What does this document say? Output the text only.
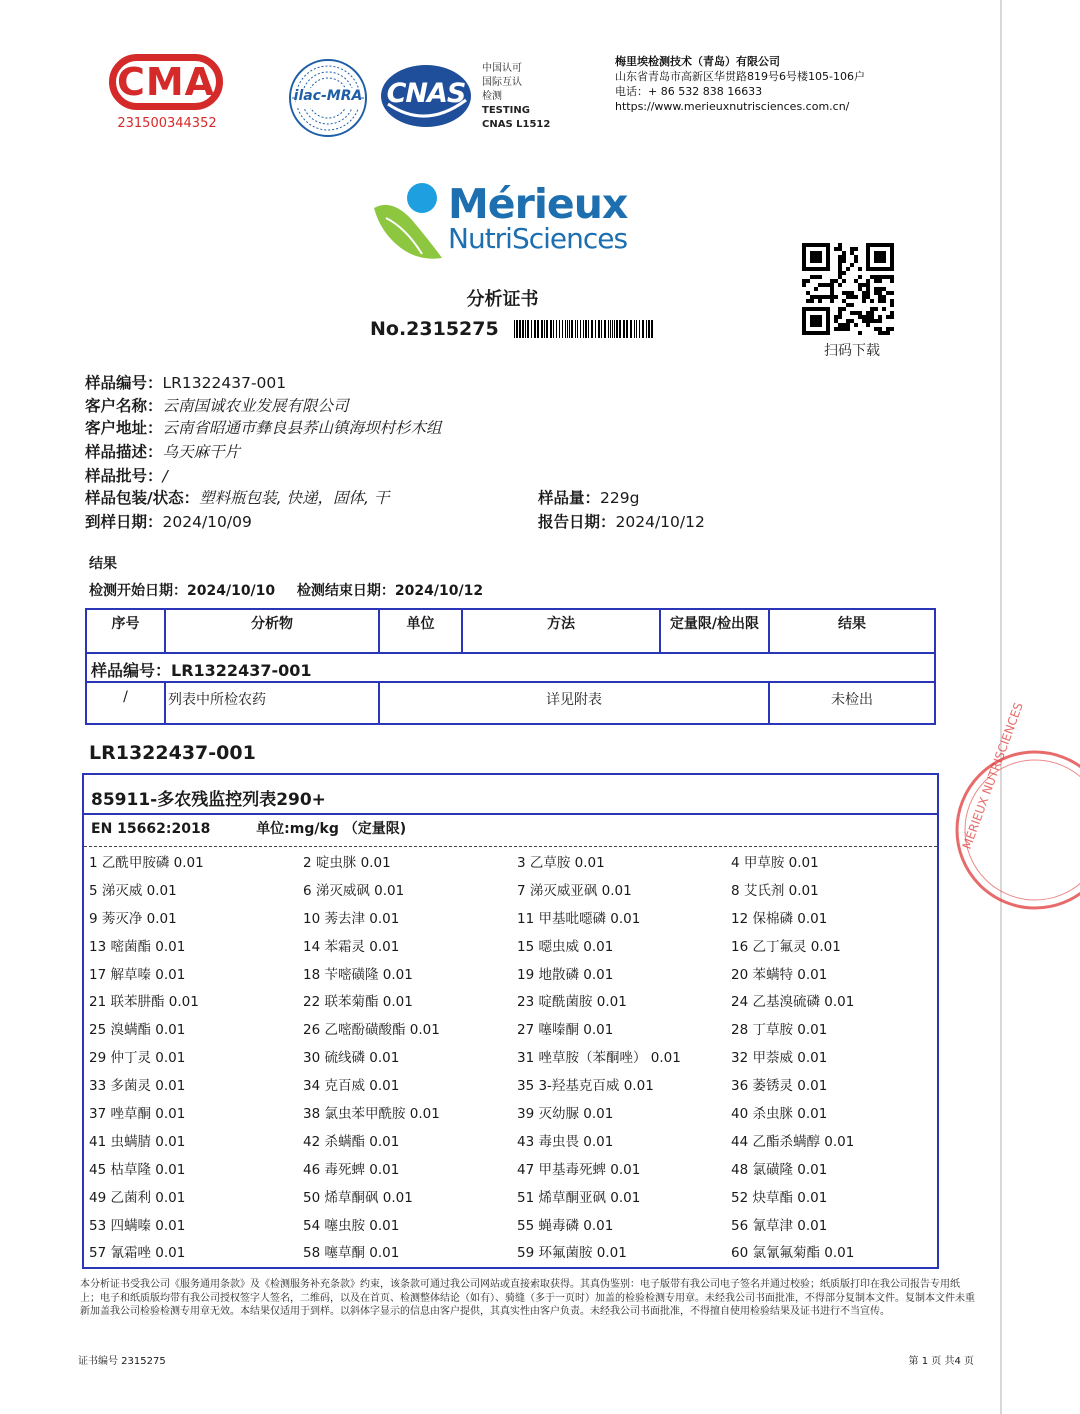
CMA
231500344352
ilac-MRA CNAS
中国认可
国际互认
检测
TESTING
CNAS L1512
梅里埃检测技术（青岛）有限公司
山东省青岛市高新区华贯路819号6号楼105-106户
电话：+ 86 532 838 16633
https://www.merieuxnutrisciences.com.cn/
Mérieux
NutriSciences
扫码下载
分析证书
No.2315275
样品编号：LR1322437-001
客户名称：云南国诚农业发展有限公司
客户地址：云南省昭通市彝良县荞山镇海坝村杉木组
样品描述：乌天麻干片
样品批号：/
样品包装/状态：塑料瓶包装, 快递，固体, 干	样品量：229g
到样日期：2024/10/09	报告日期：2024/10/12
结果
检测开始日期：2024/10/10 检测结束日期：2024/10/12
序号	分析物	单位	方法	定量限/检出限	结果
样品编号：LR1322437-001
/	列表中所检农药	详见附表	未检出
LR1322437-001
85911-多农残监控列表290+
EN 15662:2018	单位:mg/kg （定量限)
1 乙酰甲胺磷 0.01	2 啶虫脒 0.01	3 乙草胺 0.01	4 甲草胺 0.01
5 涕灭威 0.01	6 涕灭威砜 0.01	7 涕灭威亚砜 0.01	8 艾氏剂 0.01
9 莠灭净 0.01	10 莠去津 0.01	11 甲基吡噁磷 0.01	12 保棉磷 0.01
13 嘧菌酯 0.01	14 苯霜灵 0.01	15 噁虫威 0.01	16 乙丁氟灵 0.01
17 解草嗪 0.01	18 苄嘧磺隆 0.01	19 地散磷 0.01	20 苯螨特 0.01
21 联苯肼酯 0.01	22 联苯菊酯 0.01	23 啶酰菌胺 0.01	24 乙基溴硫磷 0.01
25 溴螨酯 0.01	26 乙嘧酚磺酸酯 0.01	27 噻嗪酮 0.01	28 丁草胺 0.01
29 仲丁灵 0.01	30 硫线磷 0.01	31 唑草胺（苯酮唑） 0.01	32 甲萘威 0.01
33 多菌灵 0.01	34 克百威 0.01	35 3-羟基克百威 0.01	36 萎锈灵 0.01
37 唑草酮 0.01	38 氯虫苯甲酰胺 0.01	39 灭幼脲 0.01	40 杀虫脒 0.01
41 虫螨腈 0.01	42 杀螨酯 0.01	43 毒虫畏 0.01	44 乙酯杀螨醇 0.01
45 枯草隆 0.01	46 毒死蜱 0.01	47 甲基毒死蜱 0.01	48 氯磺隆 0.01
49 乙菌利 0.01	50 烯草酮砜 0.01	51 烯草酮亚砜 0.01	52 炔草酯 0.01
53 四螨嗪 0.01	54 噻虫胺 0.01	55 蝇毒磷 0.01	56 氰草津 0.01
57 氰霜唑 0.01	58 噻草酮 0.01	59 环氟菌胺 0.01	60 氯氰氟菊酯 0.01
MÉRIEUX NUTRISCIENCES
本分析证书受我公司《服务通用条款》及《检测服务补充条款》约束，该条款可通过我公司网站或直接索取获得。其真伪鉴别：电子版带有我公司电子签名并通过校验；纸质版打印在我公司报告专用纸上；电子和纸质版均带有我公司授权签字人签名，二维码，以及在首页、检测整体结论（如有）、骑缝（多于一页时）加盖的检验检测专用章。未经我公司书面批准，不得部分复制本文件。复制本文件未重新加盖我公司检验检测专用章无效。本结果仅适用于到样。以斜体字显示的信息由客户提供，其真实性由客户负责。未经我公司书面批准，不得擅自使用检验结果及证书进行不当宣传。
证书编号 2315275	第 1 页 共4 页
